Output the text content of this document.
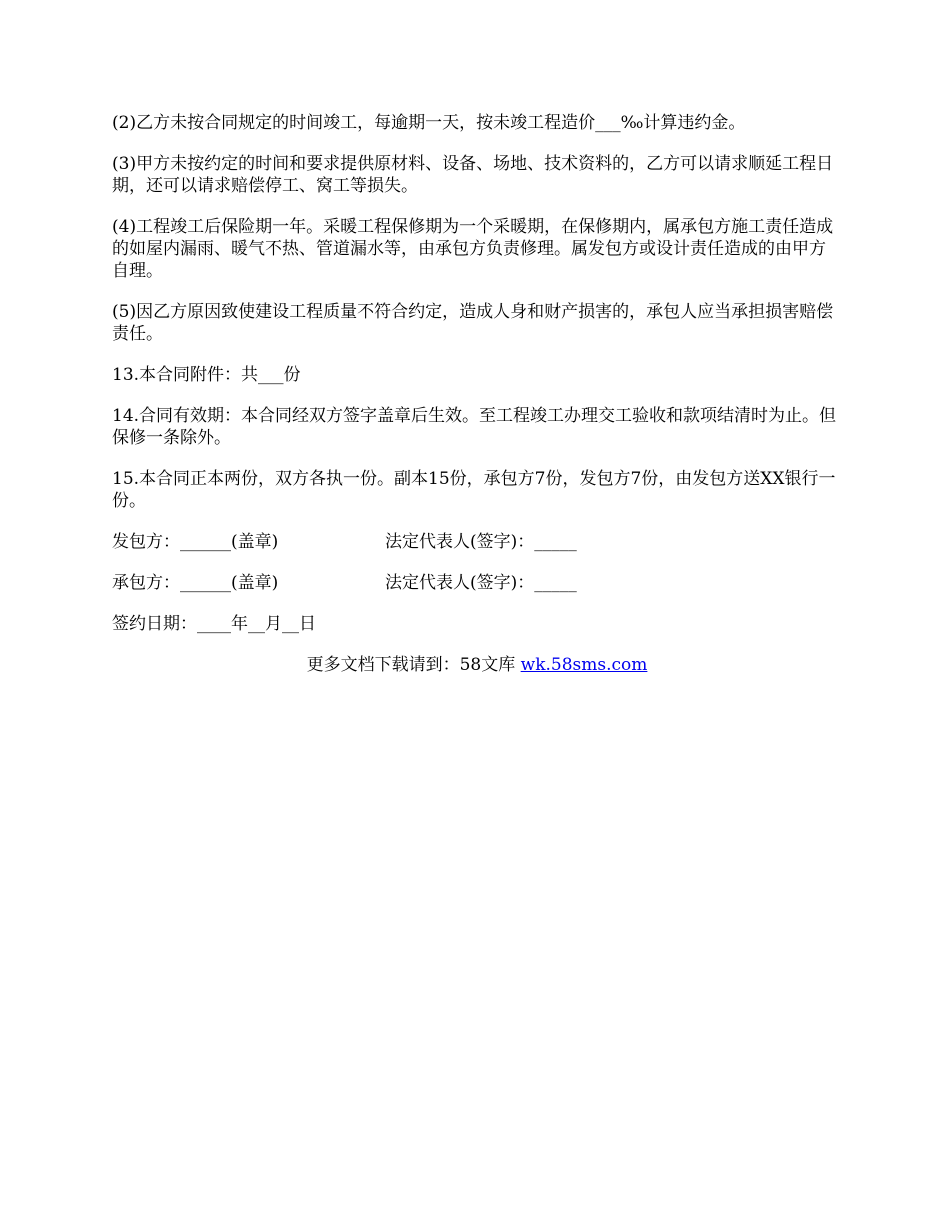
(2)乙方未按合同规定的时间竣工，每逾期一天，按未竣工程造价___‰计算违约金。

(3)甲方未按约定的时间和要求提供原材料、设备、场地、技术资料的，乙方可以请求顺延工程日期，还可以请求赔偿停工、窝工等损失。

(4)工程竣工后保险期一年。采暖工程保修期为一个采暖期，在保修期内，属承包方施工责任造成的如屋内漏雨、暖气不热、管道漏水等，由承包方负责修理。属发包方或设计责任造成的由甲方自理。

(5)因乙方原因致使建设工程质量不符合约定，造成人身和财产损害的，承包人应当承担损害赔偿责任。

13.本合同附件：共___份

14.合同有效期：本合同经双方签字盖章后生效。至工程竣工办理交工验收和款项结清时为止。但保修一条除外。

15.本合同正本两份，双方各执一份。副本15份，承包方7份，发包方7份，由发包方送XX银行一份。

发包方：______(盖章)	法定代表人(签字)：_____
承包方：______(盖章)	法定代表人(签字)：_____
签约日期：____年__月__日
更多文档下载请到：58文库 wk.58sms.com
